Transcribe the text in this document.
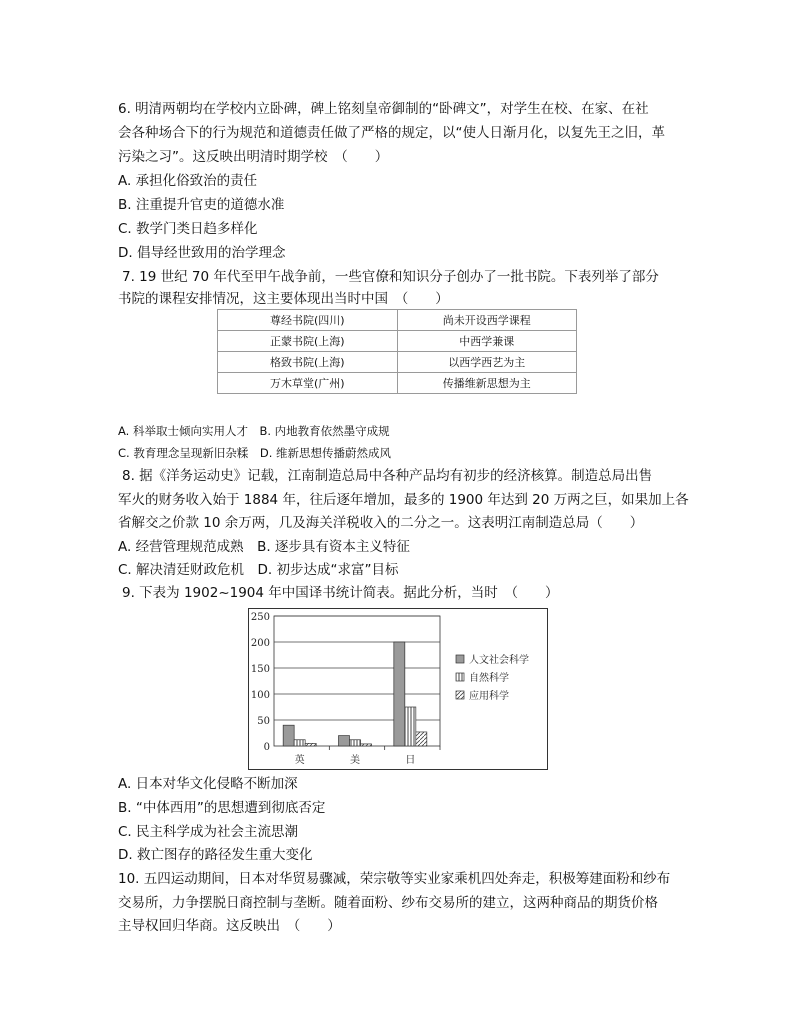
6. 明清两朝均在学校内立卧碑，碑上铭刻皇帝御制的“卧碑文”，对学生在校、在家、在社
会各种场合下的行为规范和道德责任做了严格的规定，以“使人日渐月化，以复先王之旧，革
污染之习”。这反映出明清时期学校　（　　）
A. 承担化俗致治的责任
B. 注重提升官吏的道德水准
C. 教学门类日趋多样化
D. 倡导经世致用的治学理念
7. 19 世纪 70 年代至甲午战争前，一些官僚和知识分子创办了一批书院。下表列举了部分
书院的课程安排情况，这主要体现出当时中国　（　　）
尊经书院(四川)	尚未开设西学课程
正蒙书院(上海)	中西学兼课
格致书院(上海)	以西学西艺为主
万木草堂(广州)	传播维新思想为主
A. 科举取士倾向实用人才　B. 内地教育依然墨守成规
C. 教育理念呈现新旧杂糅　D. 维新思想传播蔚然成风
8. 据《洋务运动史》记载，江南制造总局中各种产品均有初步的经济核算。制造总局出售
军火的财务收入始于 1884 年，往后逐年增加，最多的 1900 年达到 20 万两之巨，如果加上各
省解交之价款 10 余万两，几及海关洋税收入的二分之一。这表明江南制造总局（　　）
A. 经营管理规范成熟　B. 逐步具有资本主义特征
C. 解决清廷财政危机　D. 初步达成“求富”目标
9. 下表为 1902~1904 年中国译书统计简表。据此分析，当时　（　　）
0
50
100
150
200
250
英	美	日
人文社会科学
自然科学
应用科学
A. 日本对华文化侵略不断加深
B. “中体西用”的思想遭到彻底否定
C. 民主科学成为社会主流思潮
D. 救亡图存的路径发生重大变化
10. 五四运动期间，日本对华贸易骤减，荣宗敬等实业家乘机四处奔走，积极筹建面粉和纱布
交易所，力争摆脱日商控制与垄断。随着面粉、纱布交易所的建立，这两种商品的期货价格
主导权回归华商。这反映出　（　　）
